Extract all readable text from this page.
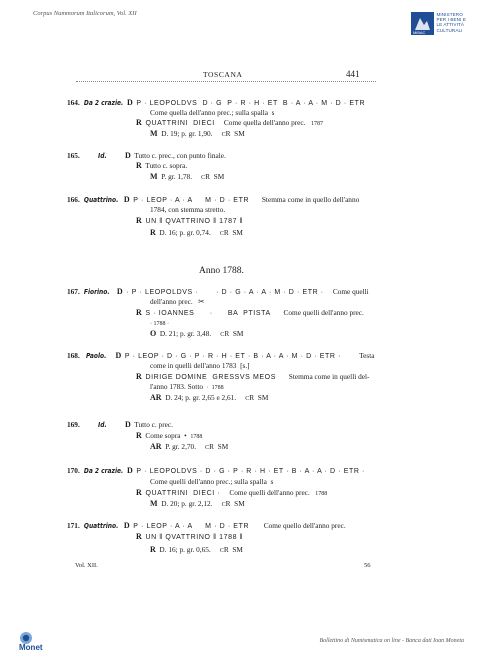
Corpus Nummorum Italicorum, Vol. XII
MiBAC
MINISTERO
PER I BENI E
LE ATTIVITÀ
CULTURALI
TOSCANA	441
164.  Da 2 crazie. D P · LEOPOLDVS  D · G  P · R · H · ET  B · A · A · M · D · ETR
Come quella dell'anno prec.; sulla spalla  s
R QUATTRINI  DIECI     Come quella dell'anno prec.   1787
M  D. 19; p. gr. 1,90.     CR  SM
165.	Id. D  Tutto c. prec., con punto finale.
R  Tutto c. sopra.
M  P. gr. 1,78.     CR  SM
166.  Quattrino. D P · LEOP · A · A     M · D · ETR       Stemma come in quello dell'anno
1784, con stemma stretto.
R UN ‖ QVATTRINO ‖ 1787 ‖
R  D. 16; p. gr. 0,74.     CR  SM
167.  Fiorino. D · P · LEOPOLDVS ·       · D · G · A · A · M · D · ETR ·     Come quelli
dell'anno prec.   ✂
R S · IOANNES      ·      BA  PTISTA       Come quelli dell'anno prec.
· 1788 ·
O  D. 21; p. gr. 3,48.     CR  SM
168.   Paolo. D P · LEOP · D · G · P · R · H · ET · B · A · A · M · D · ETR ·          Testa
come in quelli dell'anno 1783  [s.]
R DIRIGE DOMINE  GRESSVS MEOS       Stemma come in quelli del-
l'anno 1783. Sotto  ·  1788
AR  D. 24; p. gr. 2,65 e 2,61.     CR  SM
169.	Id. D  Tutto c. prec.
R  Come sopra  •  1788
AR  P. gr. 2,70.     CR  SM
170.  Da 2 crazie. D P · LEOPOLDVS · D · G · P · R · H · ET · B · A · A · D · ETR ·
Come quelli dell'anno prec.; sulla spalla  s
R QUATTRINI  DIECI ·     Come quelli dell'anno prec.   1788
M  D. 20; p. gr. 2,12.     CR  SM
171.  Quattrino. D P · LEOP · A · A     M · D · ETR        Come quello dell'anno prec.
R UN ‖ QVATTRINO ‖ 1788 ‖
R  D. 16; p. gr. 0,65.     CR  SM
Anno 1788.
Vol. XII.	56
Monet
Bollettino di Numismatica on line - Banca dati Ioan Moneta
